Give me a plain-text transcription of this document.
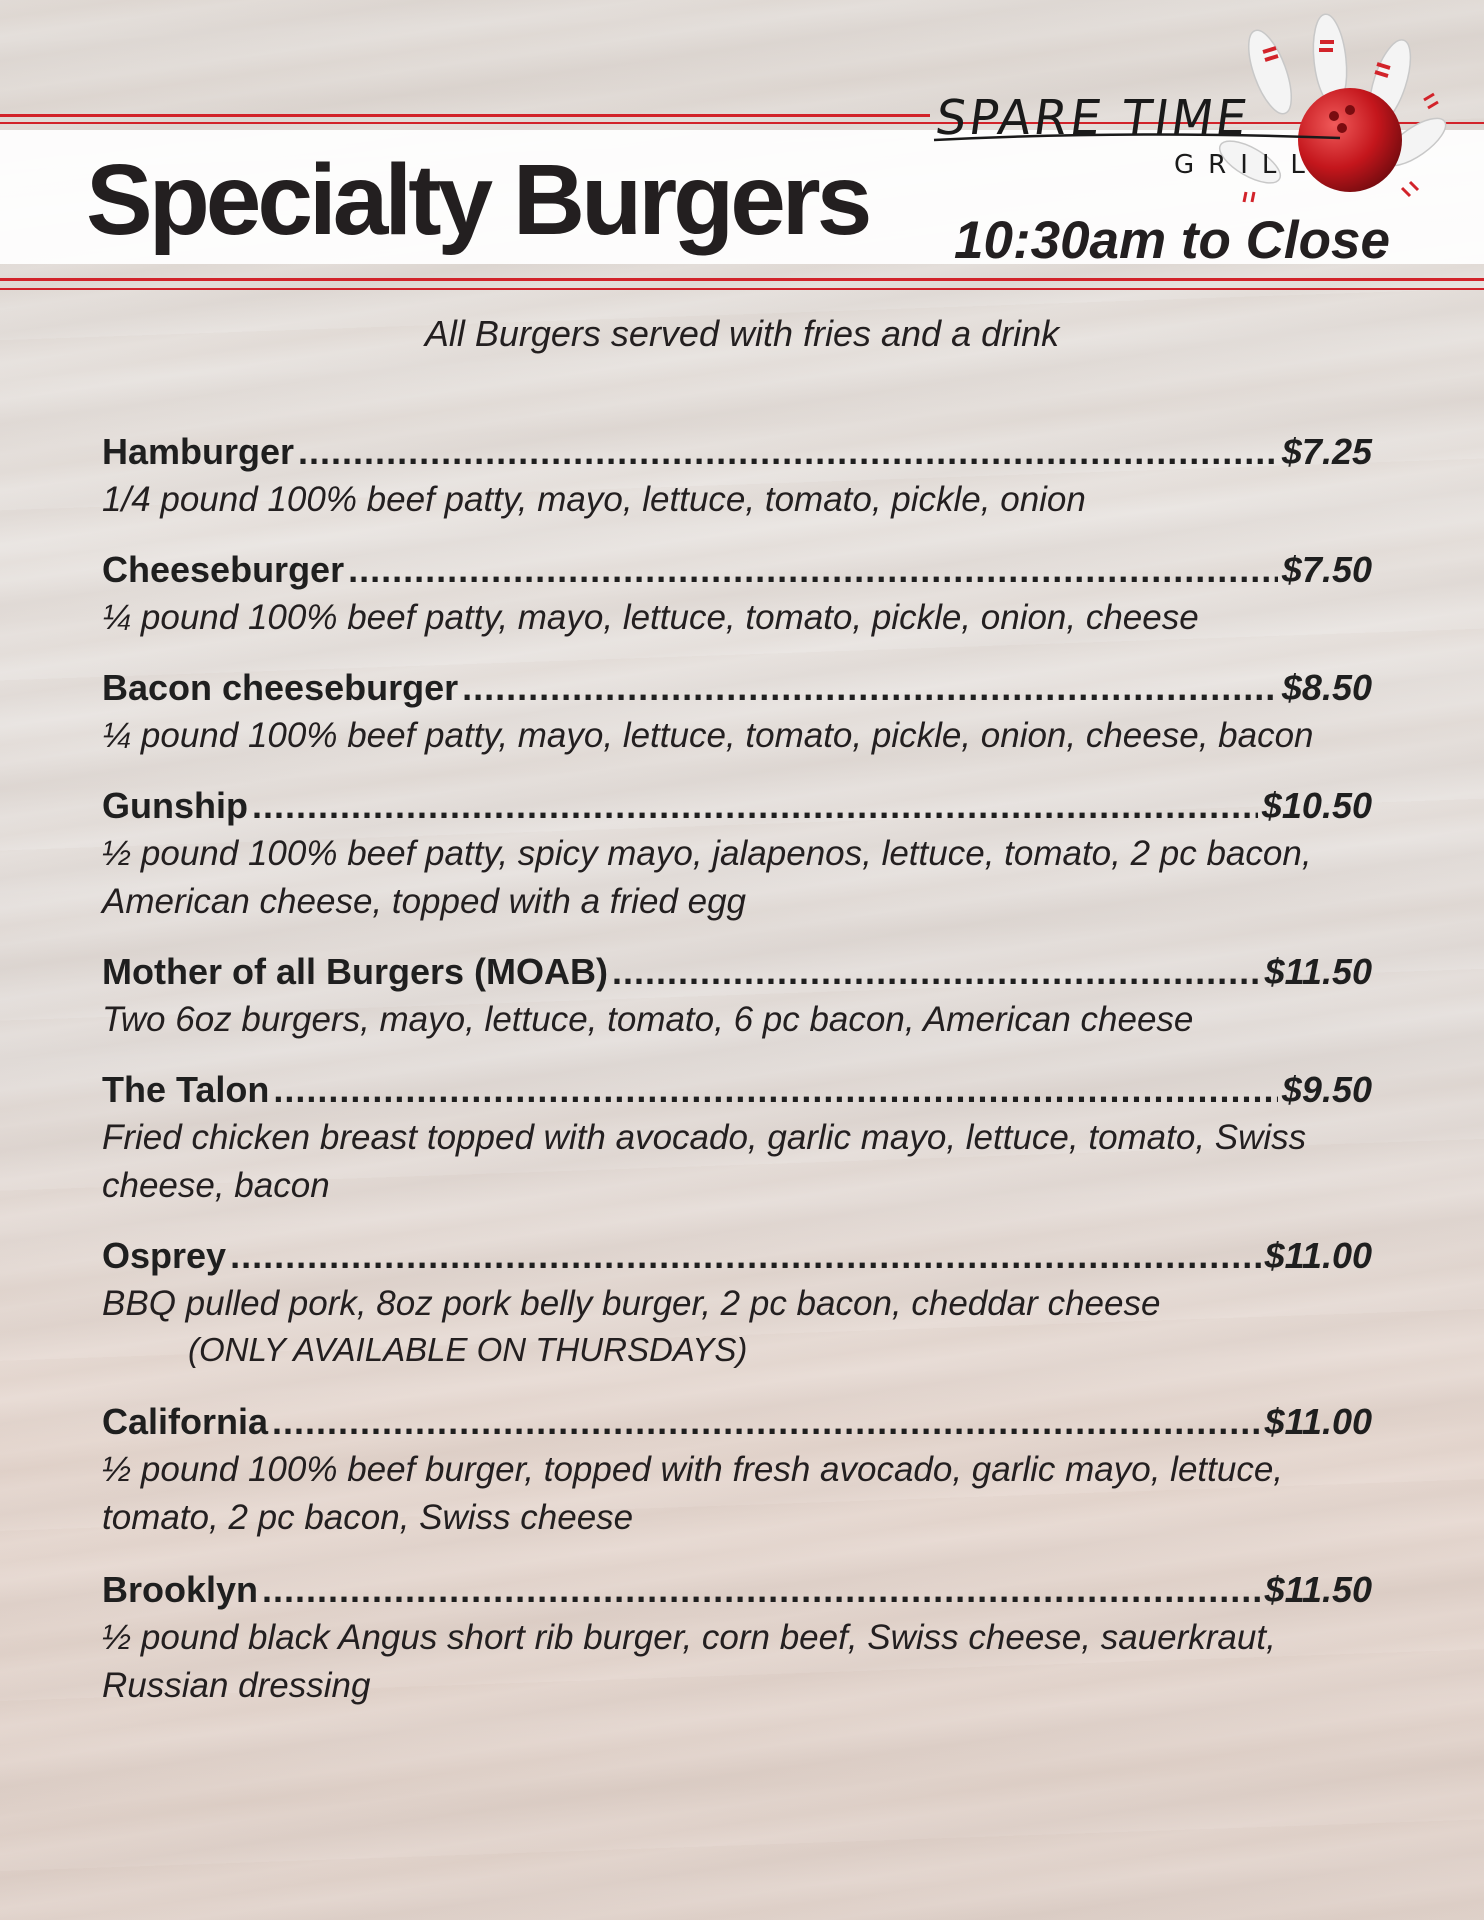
Specialty Burgers 10:30am to Close
SPARE TIME
GRILL
All Burgers served with fries and a drink
Hamburger .....	$7.25
1/4 pound 100% beef patty, mayo, lettuce, tomato, pickle, onion
Cheeseburger .....	$7.50
¼ pound 100% beef patty, mayo, lettuce, tomato, pickle, onion, cheese
Bacon cheeseburger .....	$8.50
¼ pound 100% beef patty, mayo, lettuce, tomato, pickle, onion, cheese, bacon
Gunship .....	$10.50
½ pound 100% beef patty, spicy mayo, jalapenos, lettuce, tomato, 2 pc bacon,
American cheese, topped with a fried egg
Mother of all Burgers (MOAB) .....	$11.50
Two 6oz burgers, mayo, lettuce, tomato, 6 pc bacon, American cheese
The Talon .....	$9.50
Fried chicken breast topped with avocado, garlic mayo, lettuce, tomato, Swiss
cheese, bacon
Osprey .....	$11.00
BBQ pulled pork, 8oz pork belly burger, 2 pc bacon, cheddar cheese
(ONLY AVAILABLE ON THURSDAYS)
California .....	$11.00
½ pound 100% beef burger, topped with fresh avocado, garlic mayo, lettuce,
tomato, 2 pc bacon, Swiss cheese
Brooklyn .....	$11.50
½ pound black Angus short rib burger, corn beef, Swiss cheese, sauerkraut,
Russian dressing
